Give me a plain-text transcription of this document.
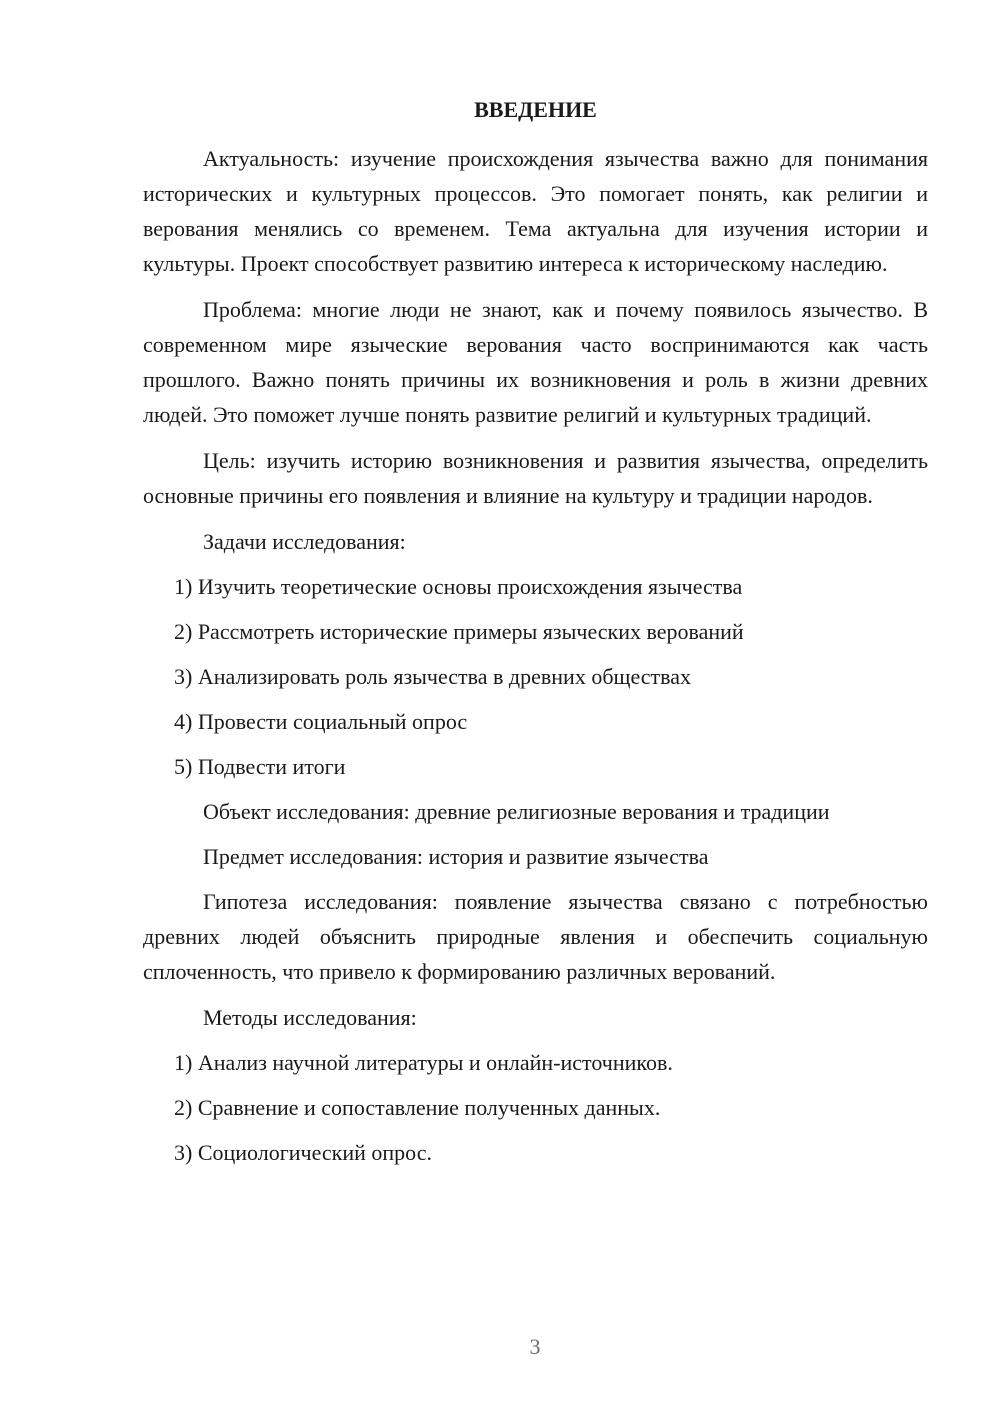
ВВЕДЕНИЕ

Актуальность: изучение происхождения язычества важно для понимания исторических и культурных процессов. Это помогает понять, как религии и верования менялись со временем. Тема актуальна для изучения истории и культуры. Проект способствует развитию интереса к историческому наследию.

Проблема: многие люди не знают, как и почему появилось язычество. В современном мире языческие верования часто воспринимаются как часть прошлого. Важно понять причины их возникновения и роль в жизни древних людей. Это поможет лучше понять развитие религий и культурных традиций.

Цель: изучить историю возникновения и развития язычества, определить основные причины его появления и влияние на культуру и традиции народов.

Задачи исследования:
1) Изучить теоретические основы происхождения язычества
2) Рассмотреть исторические примеры языческих верований
3) Анализировать роль язычества в древних обществах
4) Провести социальный опрос
5) Подвести итоги
Объект исследования: древние религиозные верования и традиции
Предмет исследования: история и развитие язычества

Гипотеза исследования: появление язычества связано с потребностью древних людей объяснить природные явления и обеспечить социальную сплоченность, что привело к формированию различных верований.

Методы исследования:
1) Анализ научной литературы и онлайн-источников.
2) Сравнение и сопоставление полученных данных.
3) Социологический опрос.
3
